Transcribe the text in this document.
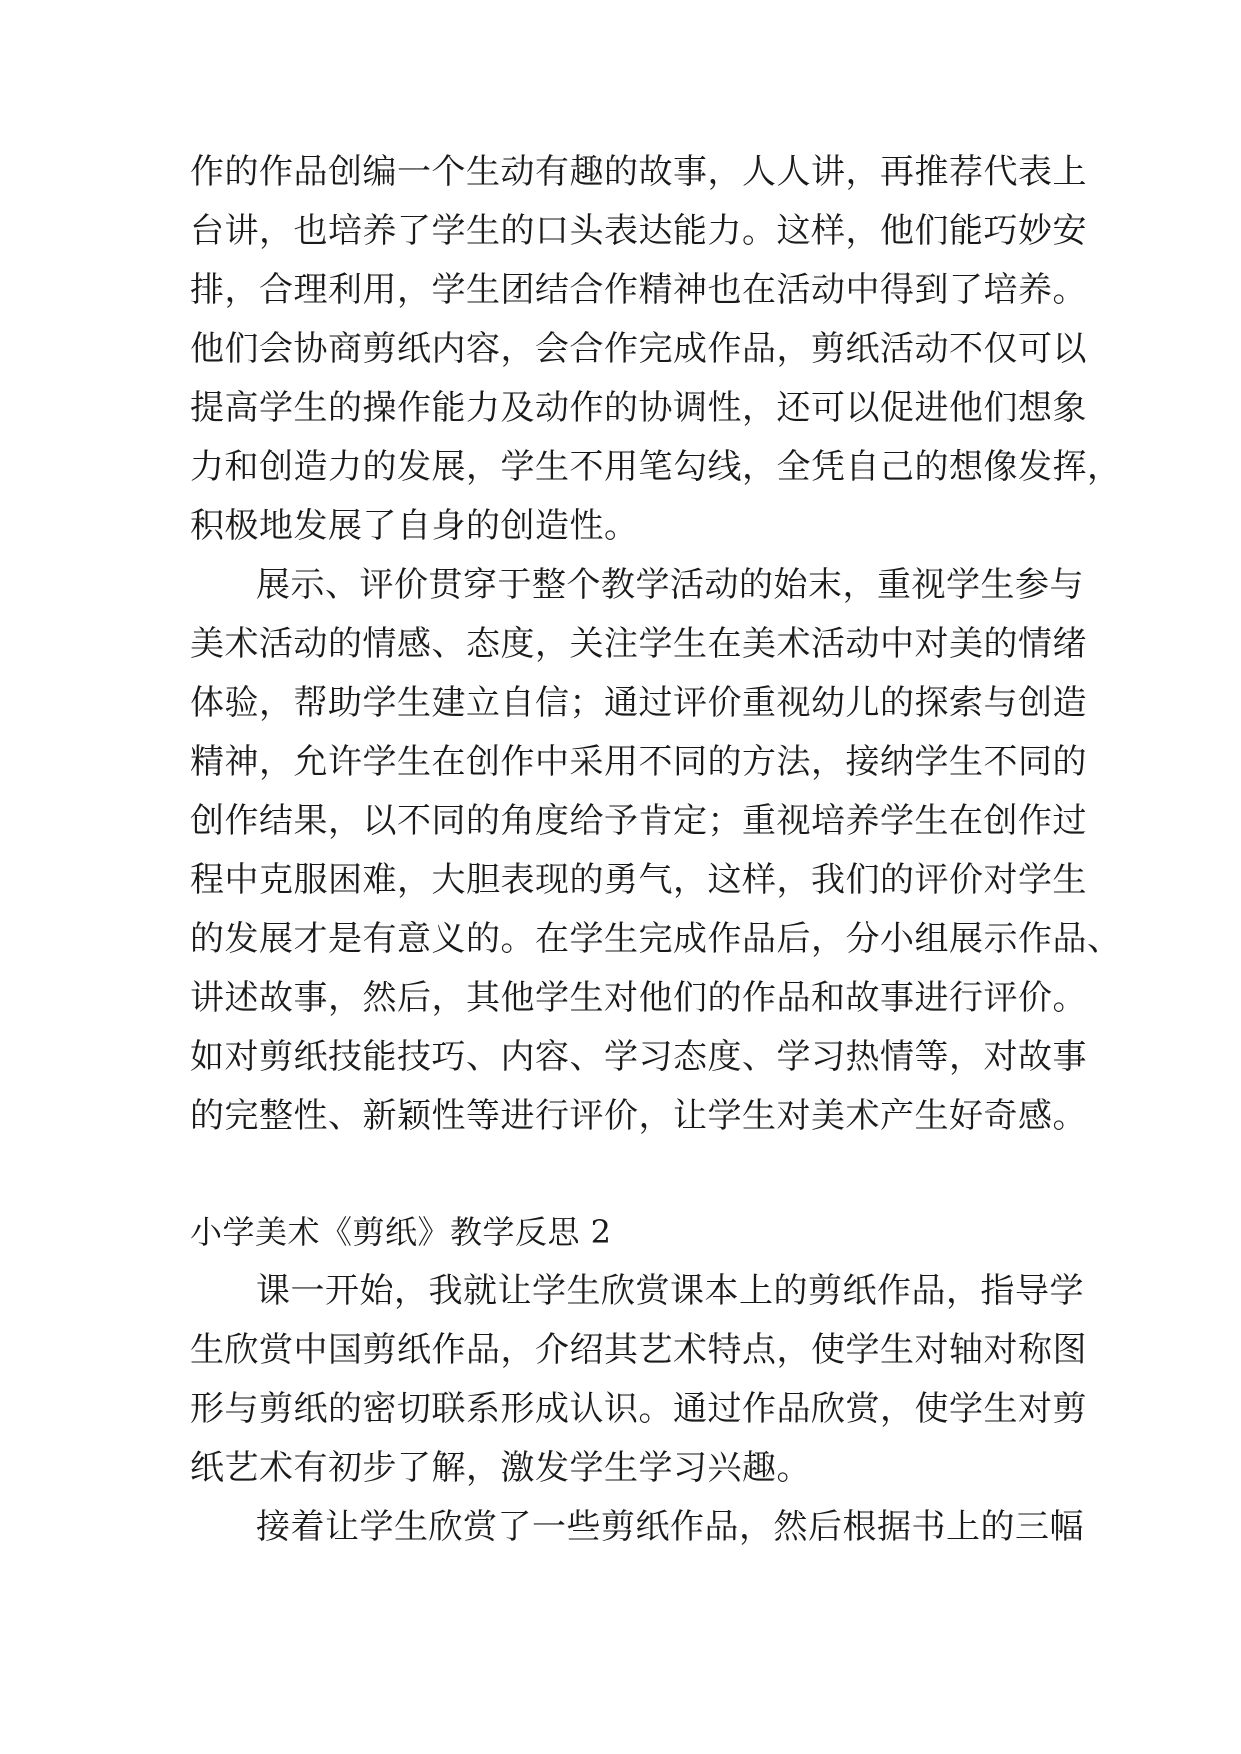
作的作品创编一个生动有趣的故事，人人讲，再推荐代表上
台讲，也培养了学生的口头表达能力。这样，他们能巧妙安
排，合理利用，学生团结合作精神也在活动中得到了培养。
他们会协商剪纸内容，会合作完成作品，剪纸活动不仅可以
提高学生的操作能力及动作的协调性，还可以促进他们想象
力和创造力的发展，学生不用笔勾线，全凭自己的想像发挥，
积极地发展了自身的创造性。
展示、评价贯穿于整个教学活动的始末，重视学生参与
美术活动的情感、态度，关注学生在美术活动中对美的情绪
体验，帮助学生建立自信；通过评价重视幼儿的探索与创造
精神，允许学生在创作中采用不同的方法，接纳学生不同的
创作结果，以不同的角度给予肯定；重视培养学生在创作过
程中克服困难，大胆表现的勇气，这样，我们的评价对学生
的发展才是有意义的。在学生完成作品后，分小组展示作品、
讲述故事，然后，其他学生对他们的作品和故事进行评价。
如对剪纸技能技巧、内容、学习态度、学习热情等，对故事
的完整性、新颖性等进行评价，让学生对美术产生好奇感。
小学美术《剪纸》教学反思 2
课一开始，我就让学生欣赏课本上的剪纸作品，指导学
生欣赏中国剪纸作品，介绍其艺术特点，使学生对轴对称图
形与剪纸的密切联系形成认识。通过作品欣赏，使学生对剪
纸艺术有初步了解，激发学生学习兴趣。
接着让学生欣赏了一些剪纸作品，然后根据书上的三幅
